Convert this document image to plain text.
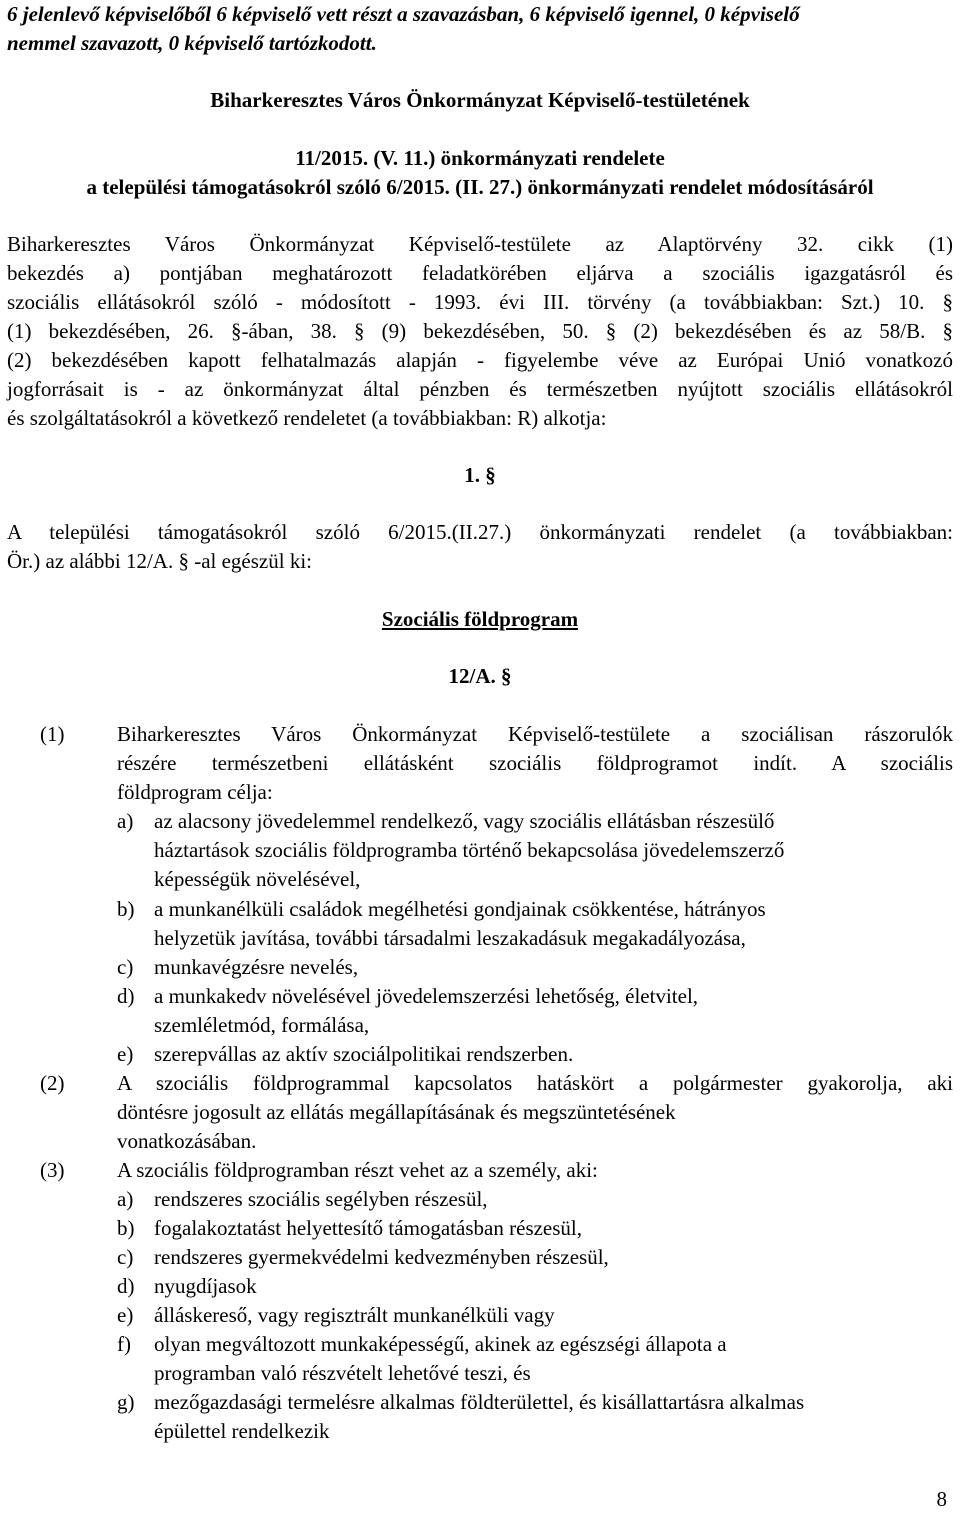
6 jelenlevő képviselőből 6 képviselő vett részt a szavazásban, 6 képviselő igennel, 0 képviselő
nemmel szavazott, 0 képviselő tartózkodott.
Biharkeresztes Város Önkormányzat Képviselő-testületének
11/2015. (V. 11.) önkormányzati rendelete
a települési támogatásokról szóló 6/2015. (II. 27.) önkormányzati rendelet módosításáról
Biharkeresztes Város Önkormányzat Képviselő-testülete az Alaptörvény 32. cikk (1)
bekezdés a) pontjában meghatározott feladatkörében eljárva a szociális igazgatásról és
szociális ellátásokról szóló - módosított - 1993. évi III. törvény (a továbbiakban: Szt.) 10. §
(1) bekezdésében, 26. §-ában, 38. § (9) bekezdésében, 50. § (2) bekezdésében és az 58/B. §
(2) bekezdésében kapott felhatalmazás alapján - figyelembe véve az Európai Unió vonatkozó
jogforrásait is - az önkormányzat által pénzben és természetben nyújtott szociális ellátásokról
és szolgáltatásokról a következő rendeletet (a továbbiakban: R) alkotja:
1. §
A települési támogatásokról szóló 6/2015.(II.27.) önkormányzati rendelet (a továbbiakban:
Ör.) az alábbi 12/A. § -al egészül ki:
Szociális földprogram
12/A. §
(1)	Biharkeresztes Város Önkormányzat Képviselő-testülete a szociálisan rászorulók
részére természetbeni ellátásként szociális földprogramot indít. A szociális
földprogram célja:
a) az alacsony jövedelemmel rendelkező, vagy szociális ellátásban részesülő
háztartások szociális földprogramba történő bekapcsolása jövedelemszerző
képességük növelésével,
b) a munkanélküli családok megélhetési gondjainak csökkentése, hátrányos
helyzetük javítása, további társadalmi leszakadásuk megakadályozása,
c) munkavégzésre nevelés,
d) a munkakedv növelésével jövedelemszerzési lehetőség, életvitel,
szemléletmód, formálása,
e) szerepvállas az aktív szociálpolitikai rendszerben.
(2)	A szociális földprogrammal kapcsolatos hatáskört a polgármester gyakorolja, aki
döntésre jogosult az ellátás megállapításának és megszüntetésének
vonatkozásában.
(3)	A szociális földprogramban részt vehet az a személy, aki:
a) rendszeres szociális segélyben részesül,
b) fogalakoztatást helyettesítő támogatásban részesül,
c) rendszeres gyermekvédelmi kedvezményben részesül,
d) nyugdíjasok
e) álláskereső, vagy regisztrált munkanélküli vagy
f) olyan megváltozott munkaképességű, akinek az egészségi állapota a
programban való részvételt lehetővé teszi, és
g) mezőgazdasági termelésre alkalmas földterülettel, és kisállattartásra alkalmas
épülettel rendelkezik
8
